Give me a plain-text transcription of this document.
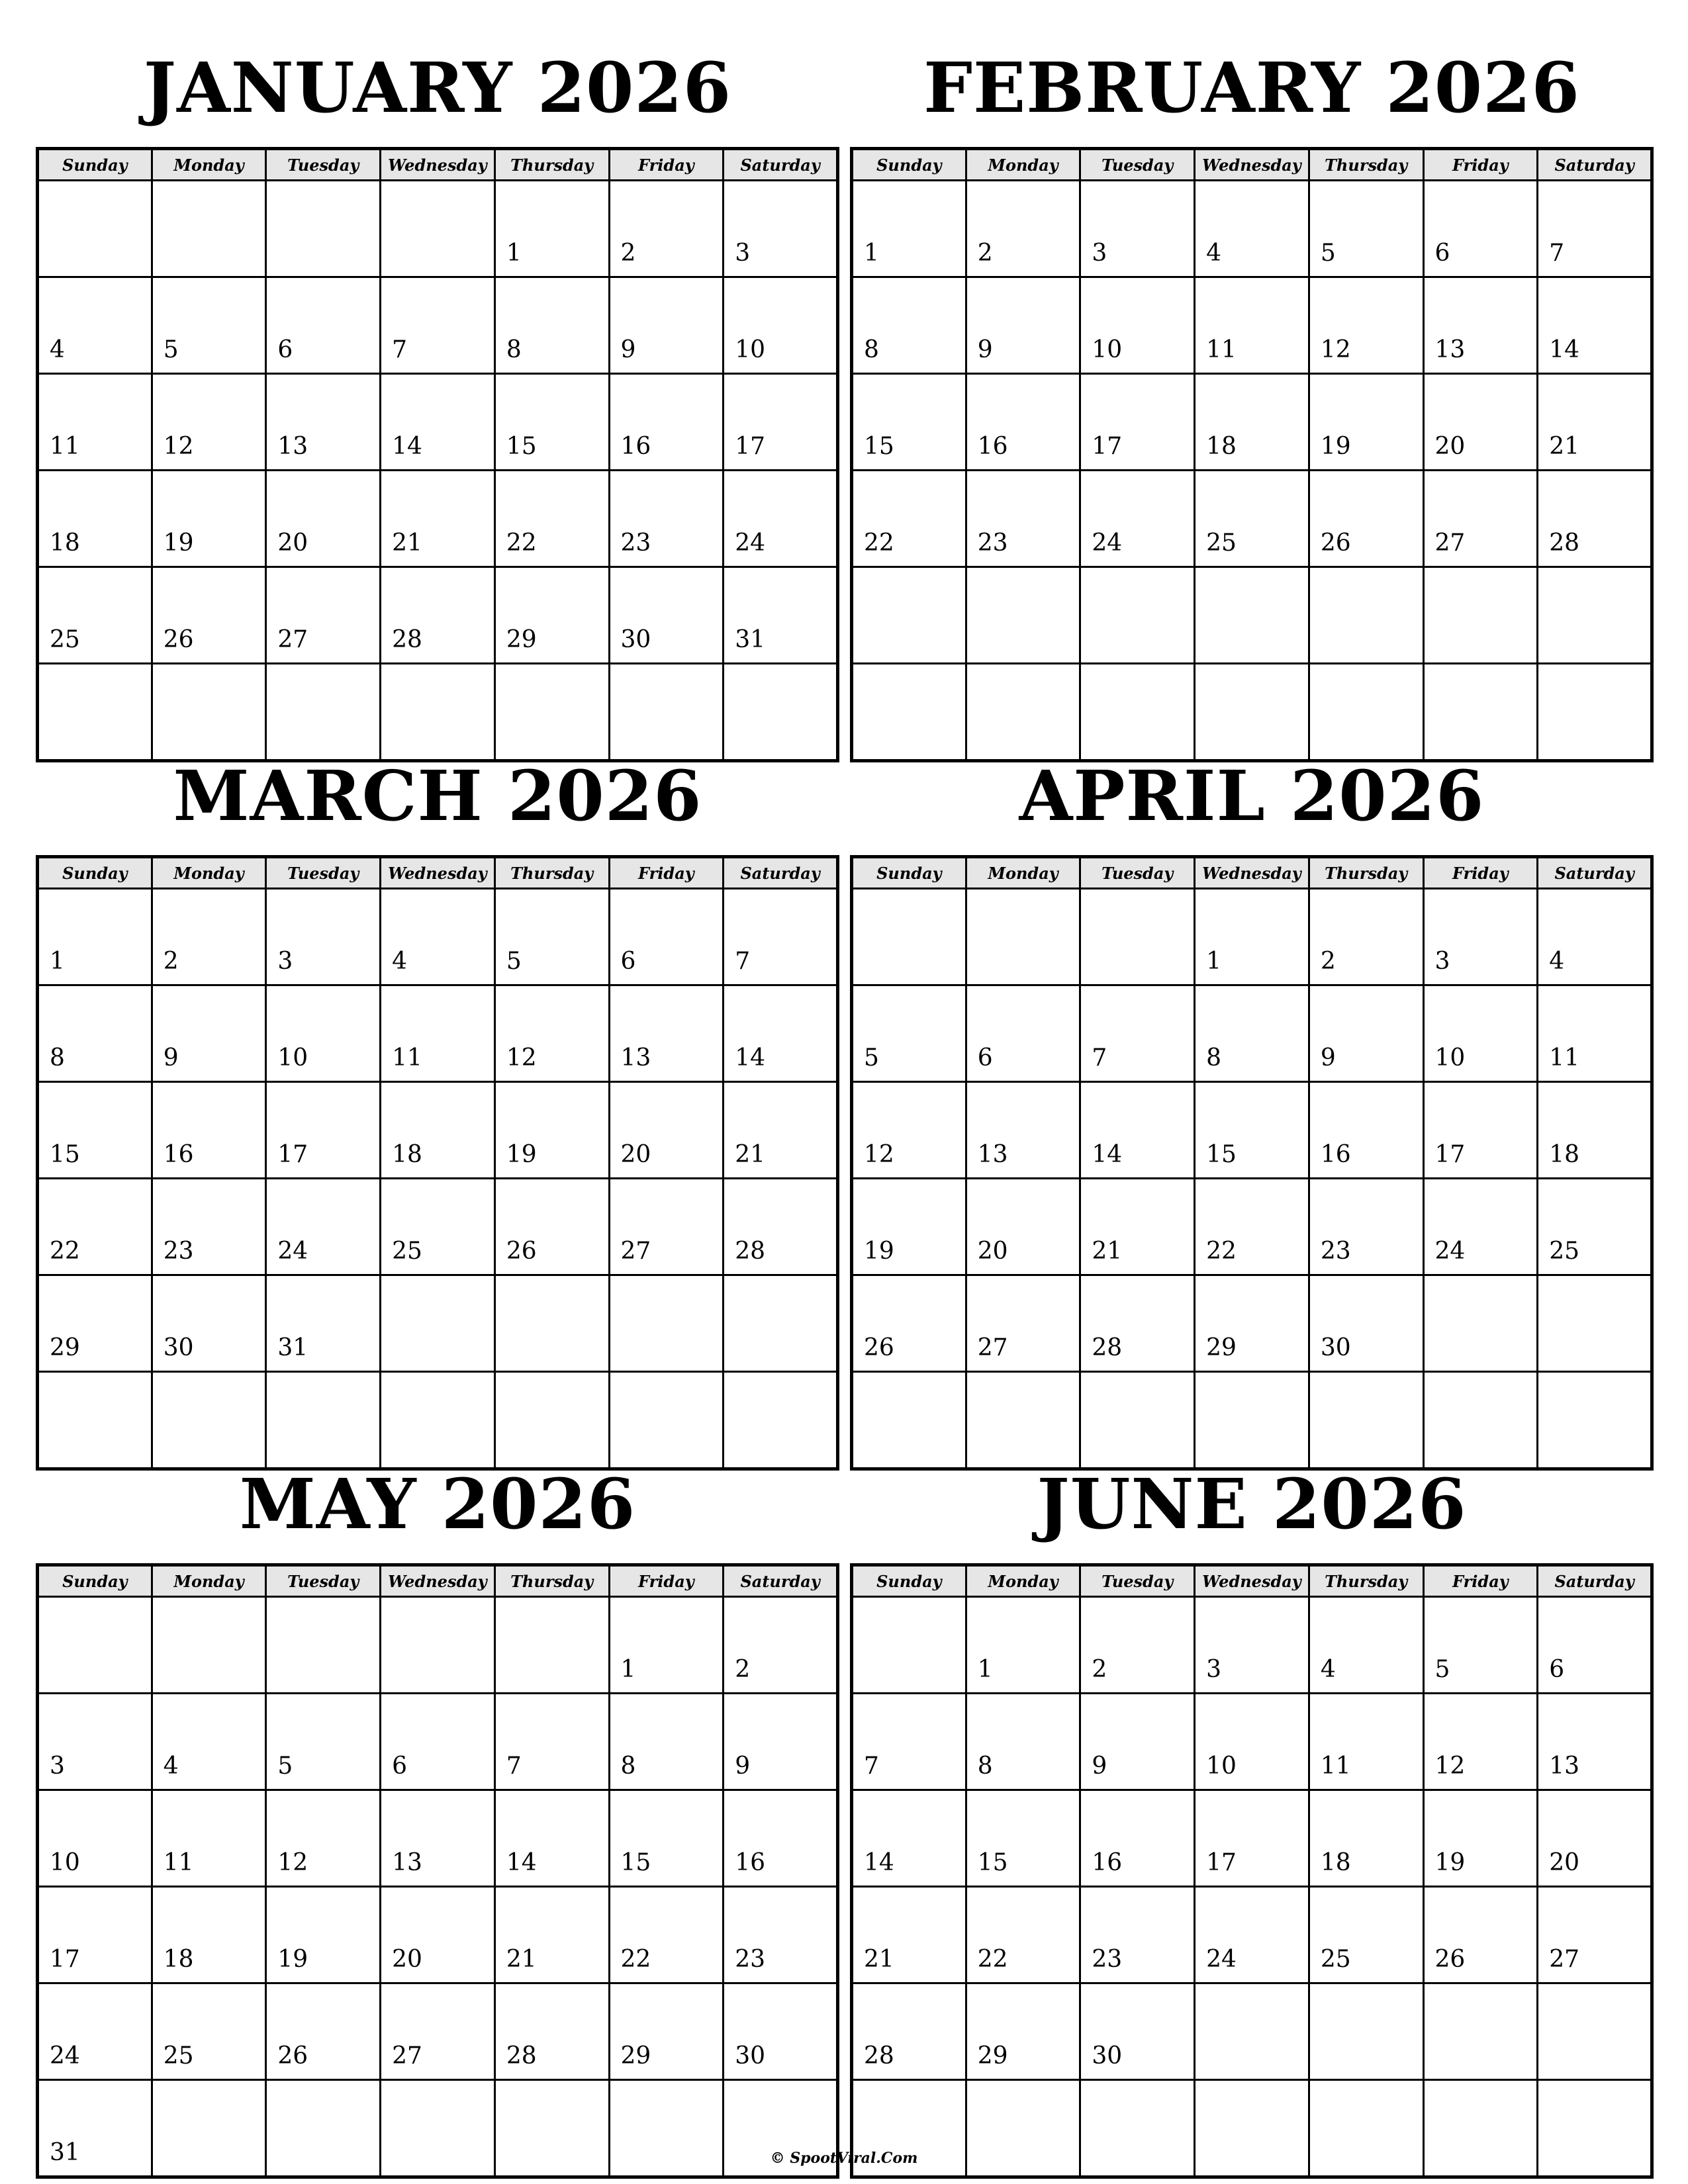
JANUARY 2026
Sunday	Monday	Tuesday	Wednesday	Thursday	Friday	Saturday

				1	2	3

4	5	6	7	8	9	10

11	12	13	14	15	16	17

18	19	20	21	22	23	24

25	26	27	28	29	30	31

FEBRUARY 2026
Sunday	Monday	Tuesday	Wednesday	Thursday	Friday	Saturday

1	2	3	4	5	6	7

8	9	10	11	12	13	14

15	16	17	18	19	20	21

22	23	24	25	26	27	28

MARCH 2026
Sunday	Monday	Tuesday	Wednesday	Thursday	Friday	Saturday

1	2	3	4	5	6	7

8	9	10	11	12	13	14

15	16	17	18	19	20	21

22	23	24	25	26	27	28

29	30	31				

APRIL 2026
Sunday	Monday	Tuesday	Wednesday	Thursday	Friday	Saturday

			1	2	3	4

5	6	7	8	9	10	11

12	13	14	15	16	17	18

19	20	21	22	23	24	25

26	27	28	29	30		

MAY 2026
Sunday	Monday	Tuesday	Wednesday	Thursday	Friday	Saturday

					1	2

3	4	5	6	7	8	9

10	11	12	13	14	15	16

17	18	19	20	21	22	23

24	25	26	27	28	29	30

31						

JUNE 2026
Sunday	Monday	Tuesday	Wednesday	Thursday	Friday	Saturday

	1	2	3	4	5	6

7	8	9	10	11	12	13

14	15	16	17	18	19	20

21	22	23	24	25	26	27

28	29	30				

© SpootViral.Com
